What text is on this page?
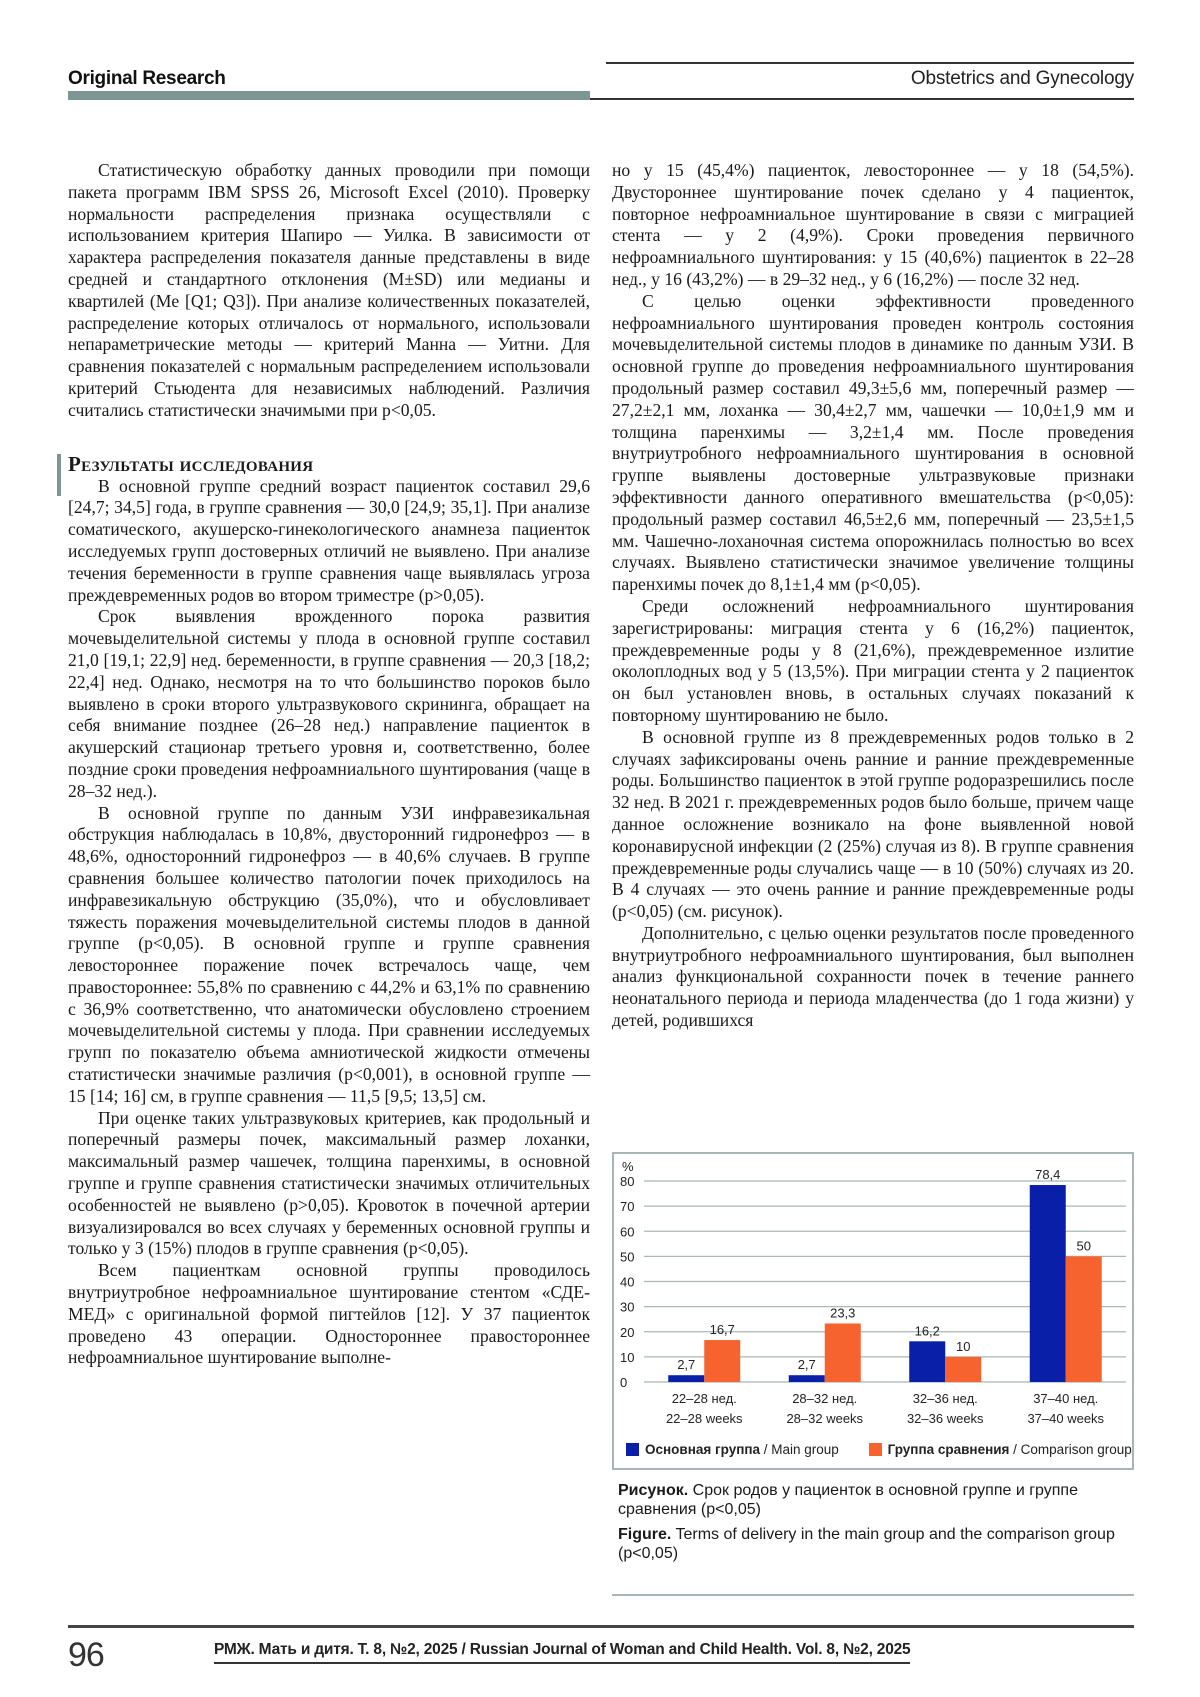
Original Research	Obstetrics and Gynecology

Статистическую обработку данных проводили при помощи пакета программ IBM SPSS 26, Microsoft Excel (2010). Проверку нормальности распределения признака осуществляли с использованием критерия Шапиро — Уилка. В зависимости от характера распределения показателя данные представлены в виде средней и стандартного отклонения (M±SD) или медианы и квартилей (Me [Q1; Q3]). При анализе количественных показателей, распределение которых отличалось от нормального, использовали непараметрические методы — критерий Манна — Уитни. Для сравнения показателей с нормальным распределением использовали критерий Стьюдента для независимых наблюдений. Различия считались статистически значимыми при p<0,05.

Результаты исследования

В основной группе средний возраст пациенток составил 29,6 [24,7; 34,5] года, в группе сравнения — 30,0 [24,9; 35,1]. При анализе соматического, акушерско-гинекологического анамнеза пациенток исследуемых групп достоверных отличий не выявлено. При анализе течения беременности в группе сравнения чаще выявлялась угроза преждевременных родов во втором триместре (p>0,05).

Срок выявления врожденного порока развития мочевыделительной системы у плода в основной группе составил 21,0 [19,1; 22,9] нед. беременности, в группе сравнения — 20,3 [18,2; 22,4] нед. Однако, несмотря на то что большинство пороков было выявлено в сроки второго ультразвукового скрининга, обращает на себя внимание позднее (26–28 нед.) направление пациенток в акушерский стационар третьего уровня и, соответственно, более поздние сроки проведения нефроамниального шунтирования (чаще в 28–32 нед.).

В основной группе по данным УЗИ инфравезикальная обструкция наблюдалась в 10,8%, двусторонний гидронефроз — в 48,6%, односторонний гидронефроз — в 40,6% случаев. В группе сравнения большее количество патологии почек приходилось на инфравезикальную обструкцию (35,0%), что и обусловливает тяжесть поражения мочевыделительной системы плодов в данной группе (p<0,05). В основной группе и группе сравнения левостороннее поражение почек встречалось чаще, чем правостороннее: 55,8% по сравнению с 44,2% и 63,1% по сравнению с 36,9% соответственно, что анатомически обусловлено строением мочевыделительной системы у плода. При сравнении исследуемых групп по показателю объема амниотической жидкости отмечены статистически значимые различия (p<0,001), в основной группе — 15 [14; 16] см, в группе сравнения — 11,5 [9,5; 13,5] см.

При оценке таких ультразвуковых критериев, как продольный и поперечный размеры почек, максимальный размер лоханки, максимальный размер чашечек, толщина паренхимы, в основной группе и группе сравнения статистически значимых отличительных особенностей не выявлено (p>0,05). Кровоток в почечной артерии визуализировался во всех случаях у беременных основной группы и только у 3 (15%) плодов в группе сравнения (p<0,05).

Всем пациенткам основной группы проводилось внутриутробное нефроамниальное шунтирование стентом «СДЕ-МЕД» с оригинальной формой пигтейлов [12]. У 37 пациенток проведено 43 операции. Одностороннее правостороннее нефроамниальное шунтирование выполне-

но у 15 (45,4%) пациенток, левостороннее — у 18 (54,5%). Двустороннее шунтирование почек сделано у 4 пациенток, повторное нефроамниальное шунтирование в связи с миграцией стента — у 2 (4,9%). Сроки проведения первичного нефроамниального шунтирования: у 15 (40,6%) пациенток в 22–28 нед., у 16 (43,2%) — в 29–32 нед., у 6 (16,2%) — после 32 нед.

С целью оценки эффективности проведенного нефроамниального шунтирования проведен контроль состояния мочевыделительной системы плодов в динамике по данным УЗИ. В основной группе до проведения нефроамниального шунтирования продольный размер составил 49,3±5,6 мм, поперечный размер — 27,2±2,1 мм, лоханка — 30,4±2,7 мм, чашечки — 10,0±1,9 мм и толщина паренхимы — 3,2±1,4 мм. После проведения внутриутробного нефроамниального шунтирования в основной группе выявлены достоверные ультразвуковые признаки эффективности данного оперативного вмешательства (p<0,05): продольный размер составил 46,5±2,6 мм, поперечный — 23,5±1,5 мм. Чашечно-лоханочная система опорожнилась полностью во всех случаях. Выявлено статистически значимое увеличение толщины паренхимы почек до 8,1±1,4 мм (p<0,05).

Среди осложнений нефроамниального шунтирования зарегистрированы: миграция стента у 6 (16,2%) пациенток, преждевременные роды у 8 (21,6%), преждевременное излитие околоплодных вод у 5 (13,5%). При миграции стента у 2 пациенток он был установлен вновь, в остальных случаях показаний к повторному шунтированию не было.

В основной группе из 8 преждевременных родов только в 2 случаях зафиксированы очень ранние и ранние преждевременные роды. Большинство пациенток в этой группе родоразрешились после 32 нед. В 2021 г. преждевременных родов было больше, причем чаще данное осложнение возникало на фоне выявленной новой коронавирусной инфекции (2 (25%) случая из 8). В группе сравнения преждевременные роды случались чаще — в 10 (50%) случаях из 20. В 4 случаях — это очень ранние и ранние преждевременные роды (p<0,05) (см. рисунок).

Дополнительно, с целью оценки результатов после проведенного внутриутробного нефроамниального шунтирования, был выполнен анализ функциональной сохранности почек в течение раннего неонатального периода и периода младенчества (до 1 года жизни) у детей, родившихся

0
10
20
30
40
50
60
70
80
2,7
16,7
2,7
23,3
16,2
10
78,4
50
22–28 нед.
22–28 weeks
28–32 нед.
28–32 weeks
32–36 нед.
32–36 weeks
37–40 нед.
37–40 weeks
%
Основная группа / Main group	Группа сравнения / Comparison group

Рисунок. Срок родов у пациенток в основной группе и группе сравнения (p<0,05)

Figure. Terms of delivery in the main group and the comparison group (p<0,05)

96	РМЖ. Мать и дитя. Т. 8, №2, 2025 / Russian Journal of Woman and Child Health. Vol. 8, №2, 2025
